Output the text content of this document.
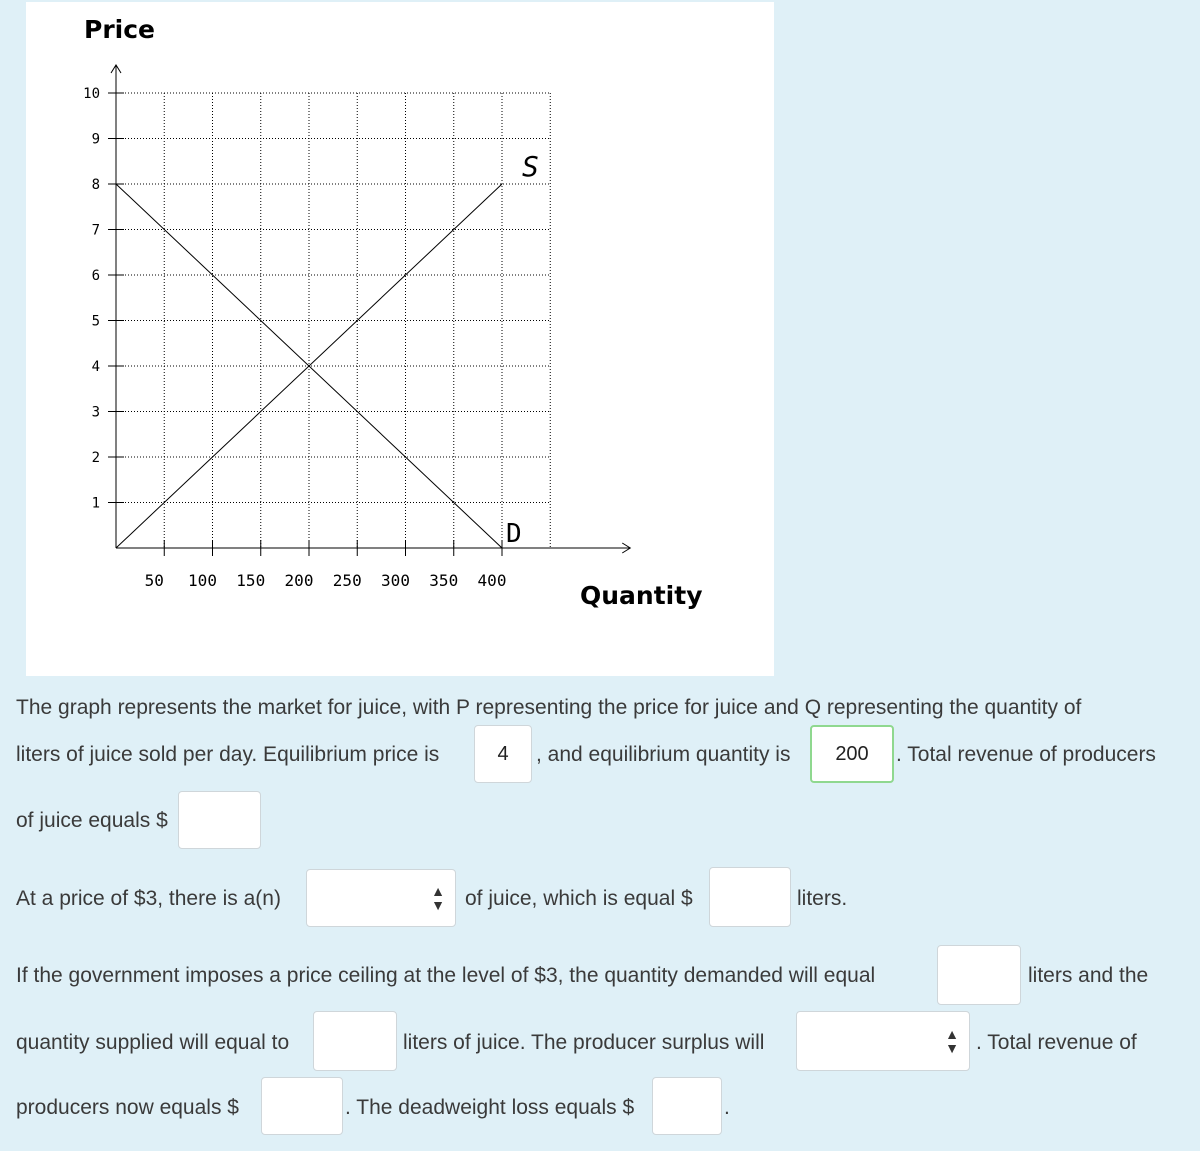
10
9
8
7
6
5
4
3
2
1
50 100 150 200 250 300 350 400
Price
Quantity
S
D
The graph represents the market for juice, with P representing the price for juice and Q representing the quantity of
liters of juice sold per day. Equilibrium price is
4	, and equilibrium quantity is
200	. Total revenue of producers
of juice equals $
At a price of $3, there is a(n)	▲
▼ of juice, which is equal $	liters.
If the government imposes a price ceiling at the level of $3, the quantity demanded will equal	liters and the
quantity supplied will equal to	liters of juice. The producer surplus will	▲
▼ . Total revenue of
producers now equals $	. The deadweight loss equals $	.
